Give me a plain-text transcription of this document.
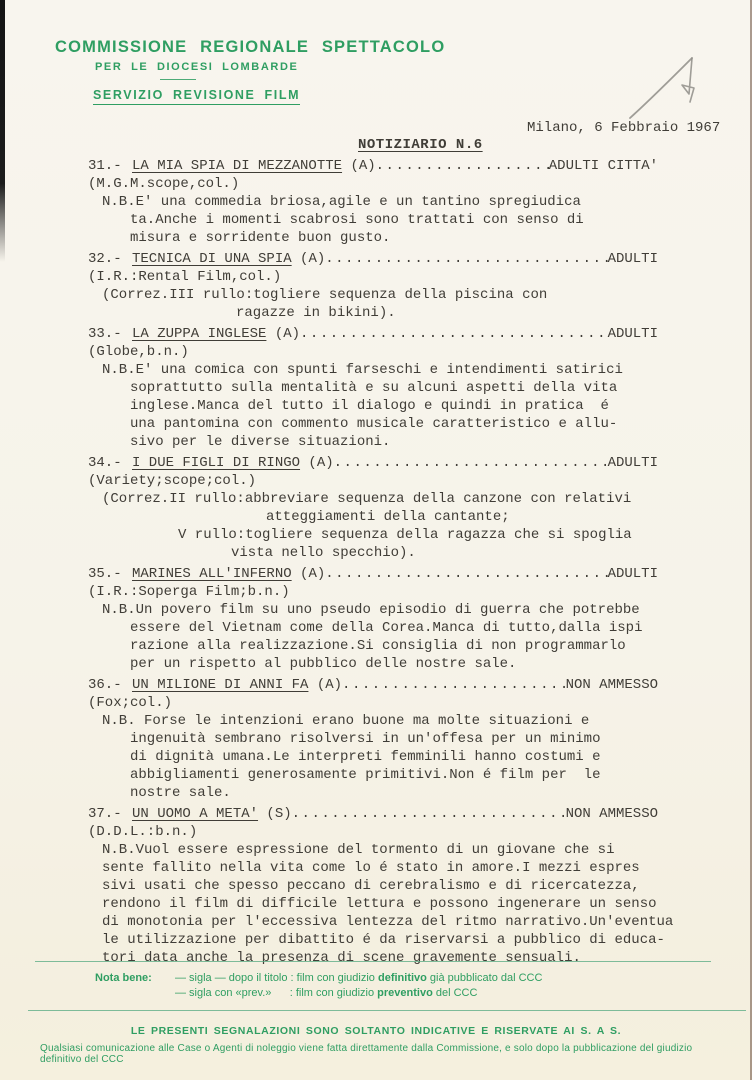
COMMISSIONE REGIONALE SPETTACOLO
PER LE DIOCESI LOMBARDE
SERVIZIO REVISIONE FILM
Milano, 6 Febbraio 1967
NOTIZIARIO N.6
31.- LA MIA SPIA DI MEZZANOTTE (A) .....	ADULTI CITTA'
(M.G.M.scope,col.)
N.B.E' una commedia briosa,agile e un tantino spregiudica
ta.Anche i momenti scabrosi sono trattati con senso di
misura e sorridente buon gusto.
32.- TECNICA DI UNA SPIA (A) .....	ADULTI
(I.R.:Rental Film,col.)
(Correz.III rullo:togliere sequenza della piscina con
ragazze in bikini).
33.- LA ZUPPA INGLESE (A) .....	ADULTI
(Globe,b.n.)
N.B.E' una comica con spunti farseschi e intendimenti satirici
soprattutto sulla mentalità e su alcuni aspetti della vita
inglese.Manca del tutto il dialogo e quindi in pratica  é
una pantomina con commento musicale caratteristico e allu-
sivo per le diverse situazioni.
34.- I DUE FIGLI DI RINGO (A) .....	ADULTI
(Variety;scope;col.)
(Correz.II rullo:abbreviare sequenza della canzone con relativi
atteggiamenti della cantante;
V rullo:togliere sequenza della ragazza che si spoglia
vista nello specchio).
35.- MARINES ALL'INFERNO (A) .....	ADULTI
(I.R.:Soperga Film;b.n.)
N.B.Un povero film su uno pseudo episodio di guerra che potrebbe
essere del Vietnam come della Corea.Manca di tutto,dalla ispi
razione alla realizzazione.Si consiglia di non programmarlo
per un rispetto al pubblico delle nostre sale.
36.- UN MILIONE DI ANNI FA (A) .....	NON AMMESSO
(Fox;col.)
N.B. Forse le intenzioni erano buone ma molte situazioni e
ingenuità sembrano risolversi in un'offesa per un minimo
di dignità umana.Le interpreti femminili hanno costumi e
abbigliamenti generosamente primitivi.Non é film per  le
nostre sale.
37.- UN UOMO A META' (S) .....	NON AMMESSO
(D.D.L.:b.n.)
N.B.Vuol essere espressione del tormento di un giovane che si
sente fallito nella vita come lo é stato in amore.I mezzi espres
sivi usati che spesso peccano di cerebralismo e di ricercatezza,
rendono il film di difficile lettura e possono ingenerare un senso
di monotonia per l'eccessiva lentezza del ritmo narrativo.Un'eventua
le utilizzazione per dibattito é da riservarsi a pubblico di educa-
tori data anche la presenza di scene gravemente sensuali.
Nota bene:	— sigla — dopo il titolo : film con giudizio definitivo già pubblicato dal CCC
— sigla con «prev.»      : film con giudizio preventivo del CCC
LE PRESENTI SEGNALAZIONI SONO SOLTANTO INDICATIVE E RISERVATE AI S. A S.
Qualsiasi comunicazione alle Case o Agenti di noleggio viene fatta direttamente dalla Commissione, e solo dopo la pubblicazione del giudizio definitivo del CCC
